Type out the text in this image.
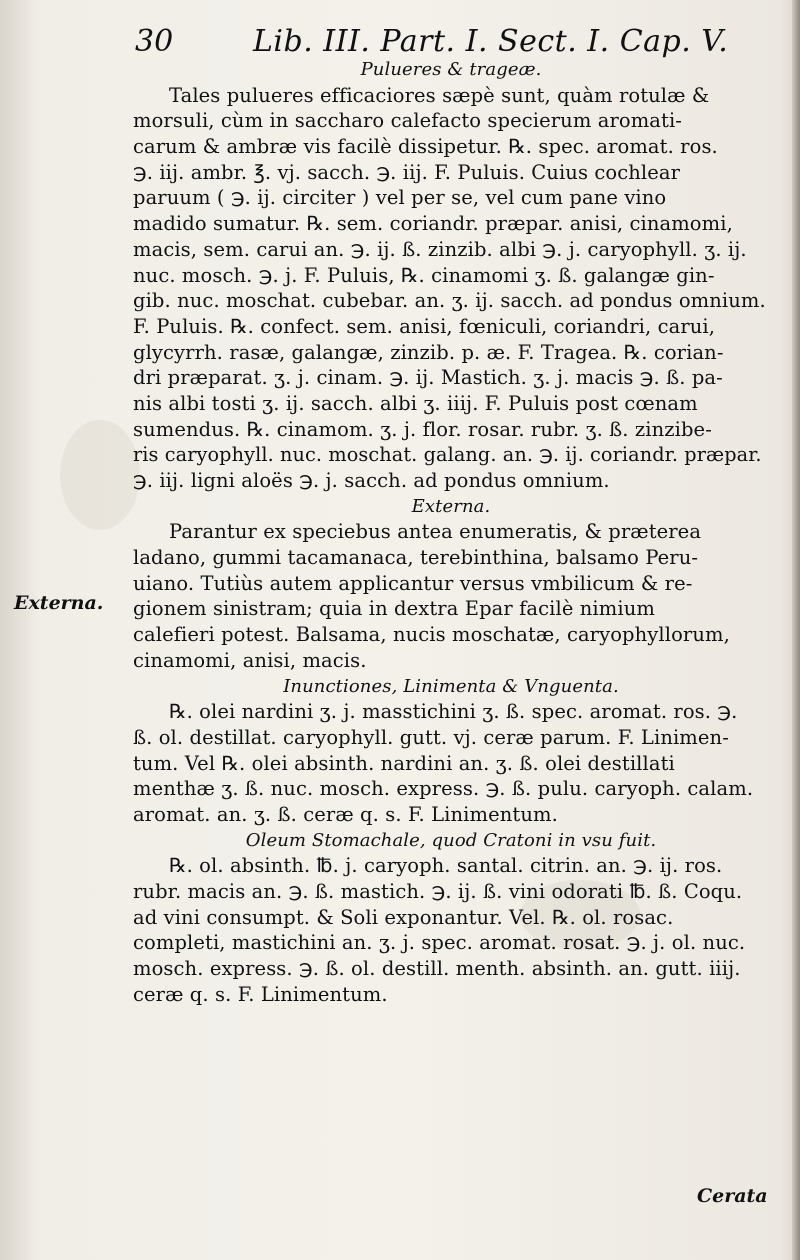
30	Lib. III. Part. I. Sect. I. Cap. V.
Externa.
Pulueres & trageæ.
Tales pulueres efficaciores sæpè sunt, quàm rotulæ &
morsuli, cùm in saccharo calefacto specierum aromati-
carum & ambræ vis facilè dissipetur. ℞. spec. aromat. ros.
℈. iij. ambr. ℥. vj. sacch. ℈. iij. F. Puluis. Cuius cochlear
paruum ( ℈. ij. circiter ) vel per se, vel cum pane vino
madido sumatur. ℞. sem. coriandr. præpar. anisi, cinamomi,
macis, sem. carui an. ℈. ij. ß. zinzib. albi ℈. j. caryophyll. ʒ. ij.
nuc. mosch. ℈. j. F. Puluis, ℞. cinamomi ʒ. ß. galangæ gin-
gib. nuc. moschat. cubebar. an. ʒ. ij. sacch. ad pondus omnium.
F. Puluis. ℞. confect. sem. anisi, fœniculi, coriandri, carui,
glycyrrh. rasæ, galangæ, zinzib. p. æ. F. Tragea. ℞. corian-
dri præparat. ʒ. j. cinam. ℈. ij. Mastich. ʒ. j. macis ℈. ß. pa-
nis albi tosti ʒ. ij. sacch. albi ʒ. iiij. F. Puluis post cœnam
sumendus. ℞. cinamom. ʒ. j. flor. rosar. rubr. ʒ. ß. zinzibe-
ris caryophyll. nuc. moschat. galang. an. ℈. ij. coriandr. præpar.
℈. iij. ligni aloës ℈. j. sacch. ad pondus omnium.
Externa.
Parantur ex speciebus antea enumeratis, & præterea
ladano, gummi tacamanaca, terebinthina, balsamo Peru-
uiano. Tutiùs autem applicantur versus vmbilicum & re-
gionem sinistram; quia in dextra Epar facilè nimium
calefieri potest. Balsama, nucis moschatæ, caryophyllorum,
cinamomi, anisi, macis.
Inunctiones, Linimenta & Vnguenta.
℞. olei nardini ʒ. j. masstichini ʒ. ß. spec. aromat. ros. ℈.
ß. ol. destillat. caryophyll. gutt. vj. ceræ parum. F. Linimen-
tum. Vel ℞. olei absinth. nardini an. ʒ. ß. olei destillati
menthæ ʒ. ß. nuc. mosch. express. ℈. ß. pulu. caryoph. calam.
aromat. an. ʒ. ß. ceræ q. s. F. Linimentum.
Oleum Stomachale, quod Cratoni in vsu fuit.
℞. ol. absinth. ℔. j. caryoph. santal. citrin. an. ℈. ij. ros.
rubr. macis an. ℈. ß. mastich. ℈. ij. ß. vini odorati ℔. ß. Coqu.
ad vini consumpt. & Soli exponantur. Vel. ℞. ol. rosac.
completi, mastichini an. ʒ. j. spec. aromat. rosat. ℈. j. ol. nuc.
mosch. express. ℈. ß. ol. destill. menth. absinth. an. gutt. iiij.
ceræ q. s. F. Linimentum.
Cerata
